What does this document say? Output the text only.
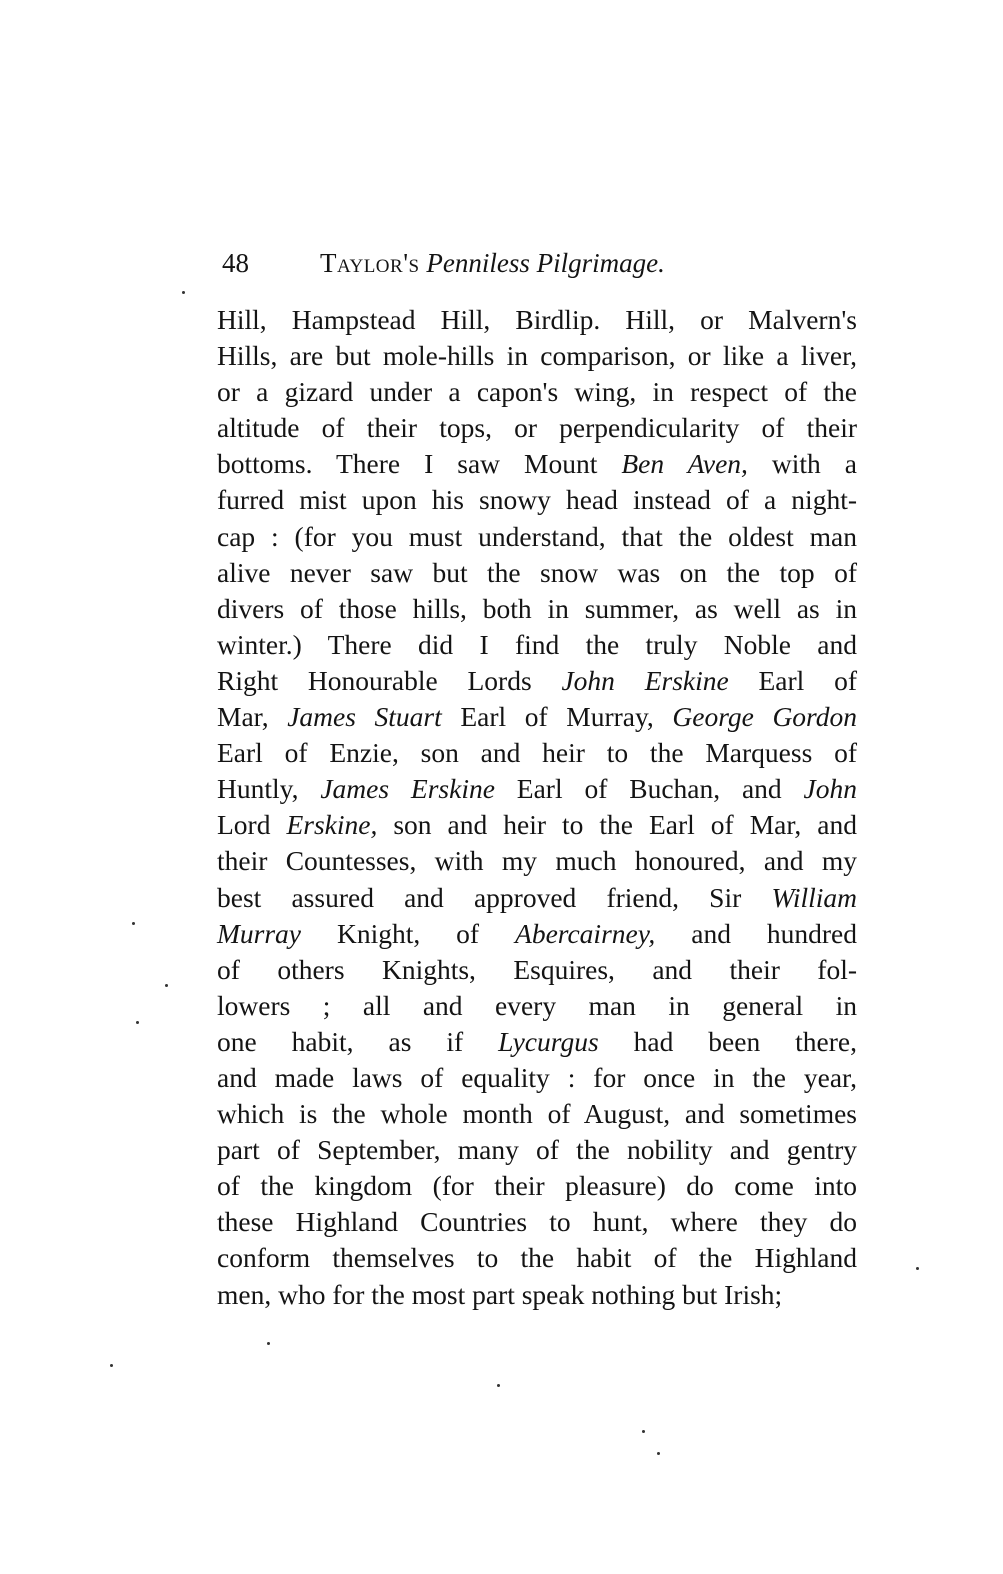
48	Taylor's Penniless Pilgrimage.
Hill, Hampstead Hill, Birdlip. Hill, or Malvern's
Hills, are but mole-hills in comparison, or like a liver,
or a gizard under a capon's wing, in respect of the
altitude of their tops, or perpendicularity of their
bottoms. There I saw Mount Ben Aven, with a
furred mist upon his snowy head instead of a night-
cap : (for you must understand, that the oldest man
alive never saw but the snow was on the top of
divers of those hills, both in summer, as well as in
winter.) There did I find the truly Noble and
Right Honourable Lords John Erskine Earl of
Mar, James Stuart Earl of Murray, George Gordon
Earl of Enzie, son and heir to the Marquess of
Huntly, James Erskine Earl of Buchan, and John
Lord Erskine, son and heir to the Earl of Mar, and
their Countesses, with my much honoured, and my
best assured and approved friend, Sir William
Murray Knight, of Abercairney, and hundred
of others Knights, Esquires, and their fol-
lowers ; all and every man in general in
one habit, as if Lycurgus had been there,
and made laws of equality : for once in the year,
which is the whole month of August, and sometimes
part of September, many of the nobility and gentry
of the kingdom (for their pleasure) do come into
these Highland Countries to hunt, where they do
conform themselves to the habit of the Highland
men, who for the most part speak nothing but Irish;
